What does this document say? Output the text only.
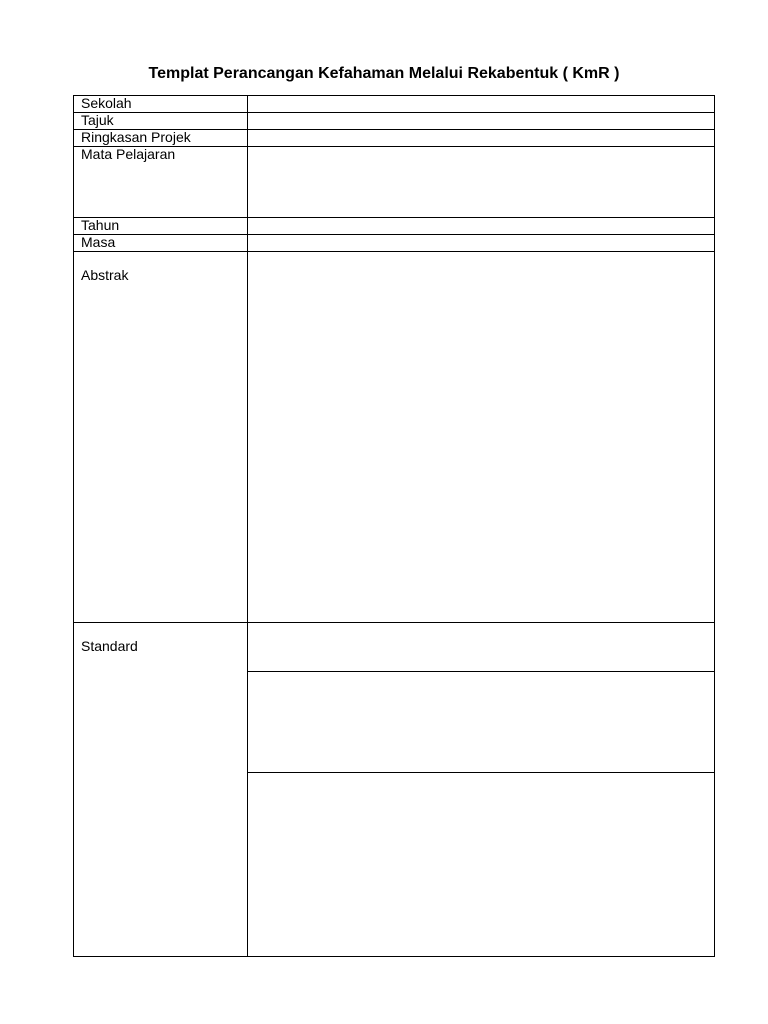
Templat Perancangan Kefahaman Melalui Rekabentuk ( KmR )
Sekolah	

Tajuk	

Ringkasan Projek	

Mata Pelajaran	

Tahun	

Masa	

Abstrak	

Standard	
